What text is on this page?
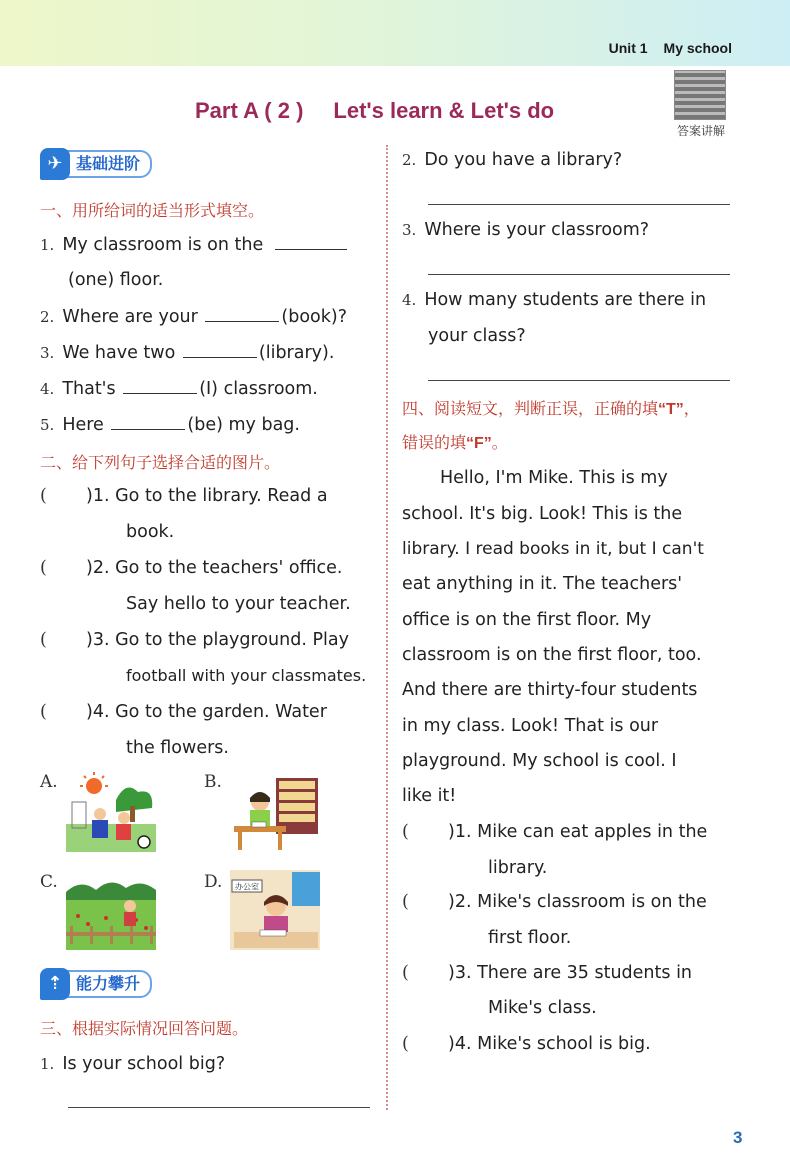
Unit 1 My school
答案讲解
Part A ( 2 ) Let's learn & Let's do
✈ 基础进阶
一、用所给词的适当形式填空。
1. My classroom is on the
(one) floor.
2. Where are your	(book)?
3. We have two	(library).
4. That's	(I) classroom.
5. Here	(be) my bag.
二、给下列句子选择合适的图片。
( )1. Go to the library. Read a
book.
( )2. Go to the teachers' office.
Say hello to your teacher.
( )3. Go to the playground. Play
football with your classmates.
( )4. Go to the garden. Water
the flowers.
A.	B.
C.	D. 办公室
⇡ 能力攀升
三、根据实际情况回答问题。
1. Is your school big?
2. Do you have a library?
3. Where is your classroom?
4. How many students are there in
your class?
四、阅读短文，判断正误，正确的填“T”，
错误的填“F”。
Hello, I'm Mike. This is my
school. It's big. Look! This is the
library. I read books in it, but I can't
eat anything in it. The teachers'
office is on the first floor. My
classroom is on the first floor, too.
And there are thirty-four students
in my class. Look! That is our
playground. My school is cool. I
like it!
( )1. Mike can eat apples in the
library.
( )2. Mike's classroom is on the
first floor.
( )3. There are 35 students in
Mike's class.
( )4. Mike's school is big.
3
